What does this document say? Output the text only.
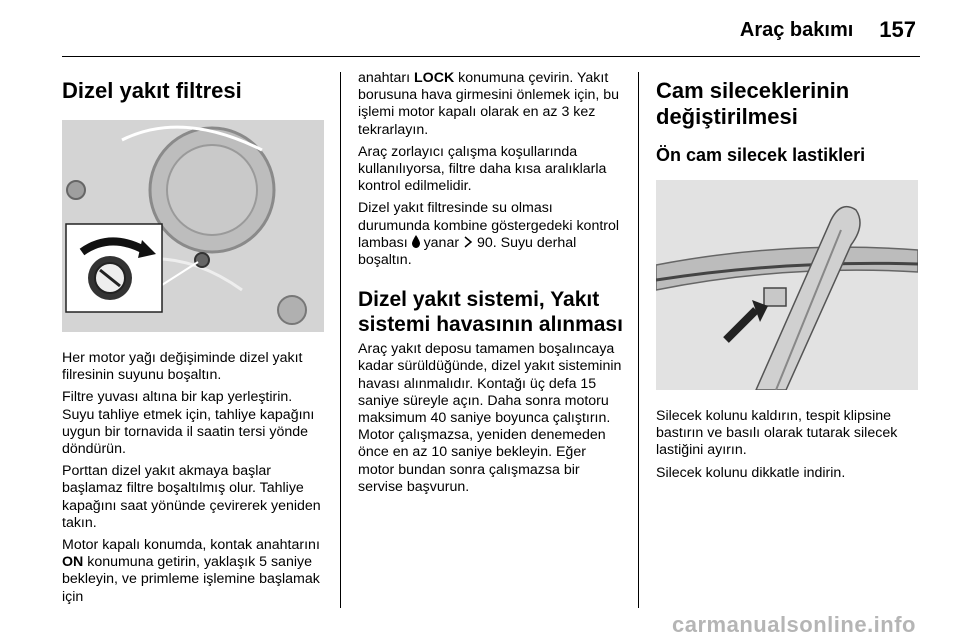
Araç bakımı 157
Dizel yakıt filtresi

Her motor yağı değişiminde dizel yakıt filresinin suyunu boşaltın.

Filtre yuvası altına bir kap yerleştirin. Suyu tahliye etmek için, tahliye kapağını uygun bir tornavida il saatin tersi yönde döndürün.

Porttan dizel yakıt akmaya başlar başlamaz filtre boşaltılmış olur. Tahliye kapağını saat yönünde çevirerek yeniden takın.

Motor kapalı konumda, kontak anahtarını ON konumuna getirin, yaklaşık 5 saniye bekleyin, ve primleme işlemine başlamak için

anahtarı LOCK konumuna çevirin. Yakıt borusuna hava girmesini önlemek için, bu işlemi motor kapalı olarak en az 3 kez tekrarlayın.

Araç zorlayıcı çalışma koşullarında kullanılıyorsa, filtre daha kısa aralıklarla kontrol edilmelidir.

Dizel yakıt filtresinde su olması durumunda kombine göstergedeki kontrol lambası  yanar  90. Suyu derhal boşaltın.

Dizel yakıt sistemi, Yakıt sistemi havasının alınması

Araç yakıt deposu tamamen boşalıncaya kadar sürüldüğünde, dizel yakıt sisteminin havası alınmalıdır. Kontağı üç defa 15 saniye süreyle açın. Daha sonra motoru maksimum 40 saniye boyunca çalıştırın. Motor çalışmazsa, yeniden denemeden önce en az 10 saniye bekleyin. Eğer motor bundan sonra çalışmazsa bir servise başvurun.

Cam sileceklerinin değiştirilmesi
Ön cam silecek lastikleri

Silecek kolunu kaldırın, tespit klipsine bastırın ve basılı olarak tutarak silecek lastiğini ayırın.

Silecek kolunu dikkatle indirin.

carmanualsonline.info
